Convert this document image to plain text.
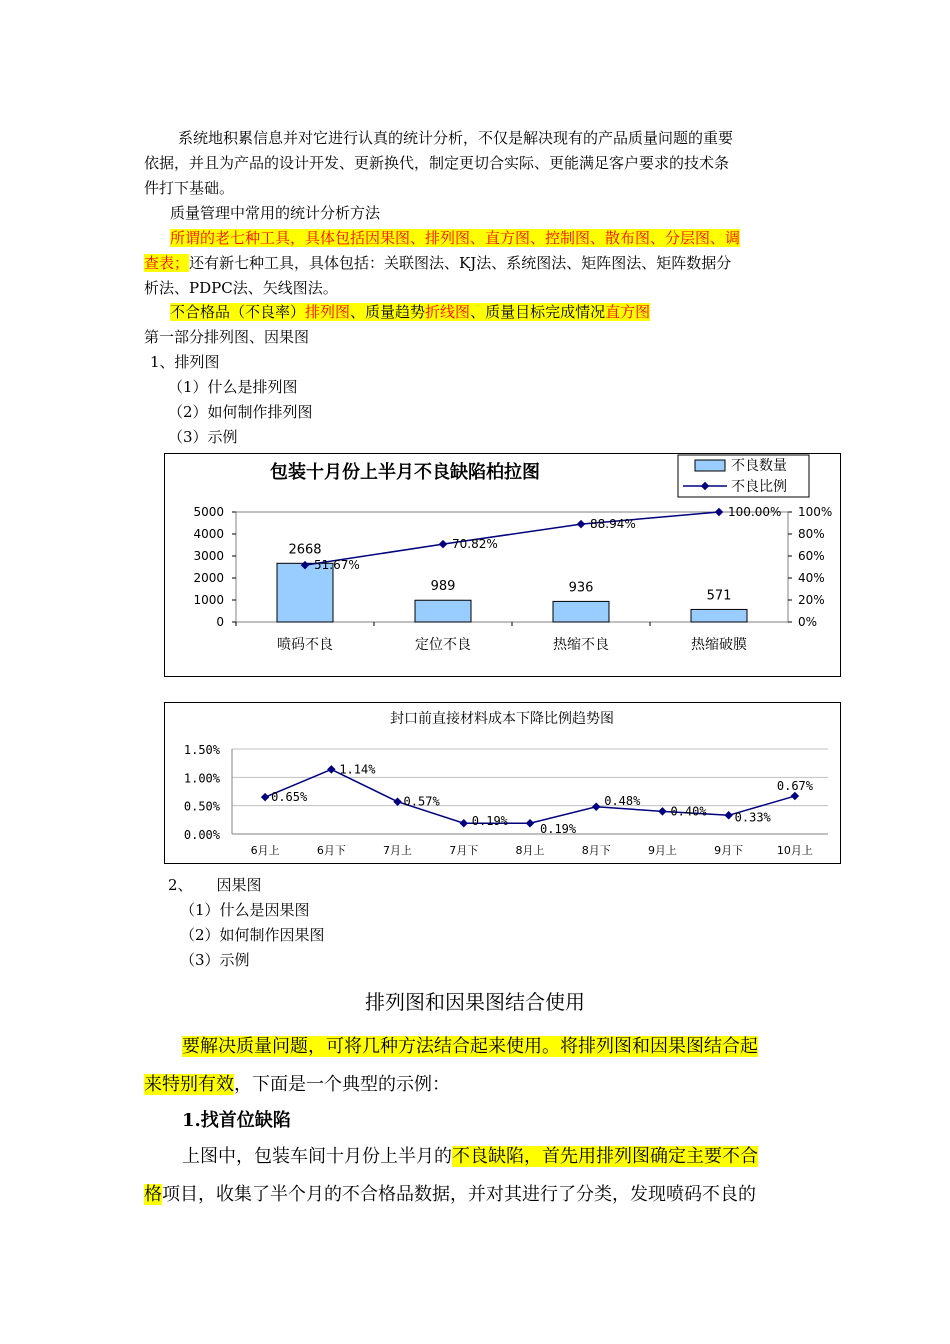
系统地积累信息并对它进行认真的统计分析，不仅是解决现有的产品质量问题的重要
依据，并且为产品的设计开发、更新换代，制定更切合实际、更能满足客户要求的技术条
件打下基础。
质量管理中常用的统计分析方法
所谓的老七种工具，具体包括因果图、排列图、直方图、控制图、散布图、分层图、调
查表；还有新七种工具，具体包括：关联图法、KJ法、系统图法、矩阵图法、矩阵数据分
析法、PDPC法、矢线图法。
不合格品（不良率）排列图、质量趋势折线图、质量目标完成情况直方图
第一部分排列图、因果图
1、排列图
（1）什么是排列图
（2）如何制作排列图
（3）示例
包装十月份上半月不良缺陷柏拉图
0
1000
2000
3000
4000
5000
0%
20%
40%
60%
80%
100%
2668
喷码不良
989
定位不良
936
热缩不良
571
热缩破膜
51.67%
70.82%
88.94%
100.00%
不良数量
不良比例
封口前直接材料成本下降比例趋势图
0.00%
0.50%
1.00%
1.50%
0.65%
1.14%
0.57%
0.19%
0.19%
0.48%
0.40% 0.33%
0.67%
6月上	6月下	7月上	7月下	8月上	8月下	9月上	9月下	10月上
2、 因果图
（1）什么是因果图
（2）如何制作因果图
（3）示例
排列图和因果图结合使用
要解决质量问题，可将几种方法结合起来使用。将排列图和因果图结合起
来特别有效，下面是一个典型的示例：
1.找首位缺陷
上图中，包装车间十月份上半月的不良缺陷，首先用排列图确定主要不合
格项目，收集了半个月的不合格品数据，并对其进行了分类，发现喷码不良的
